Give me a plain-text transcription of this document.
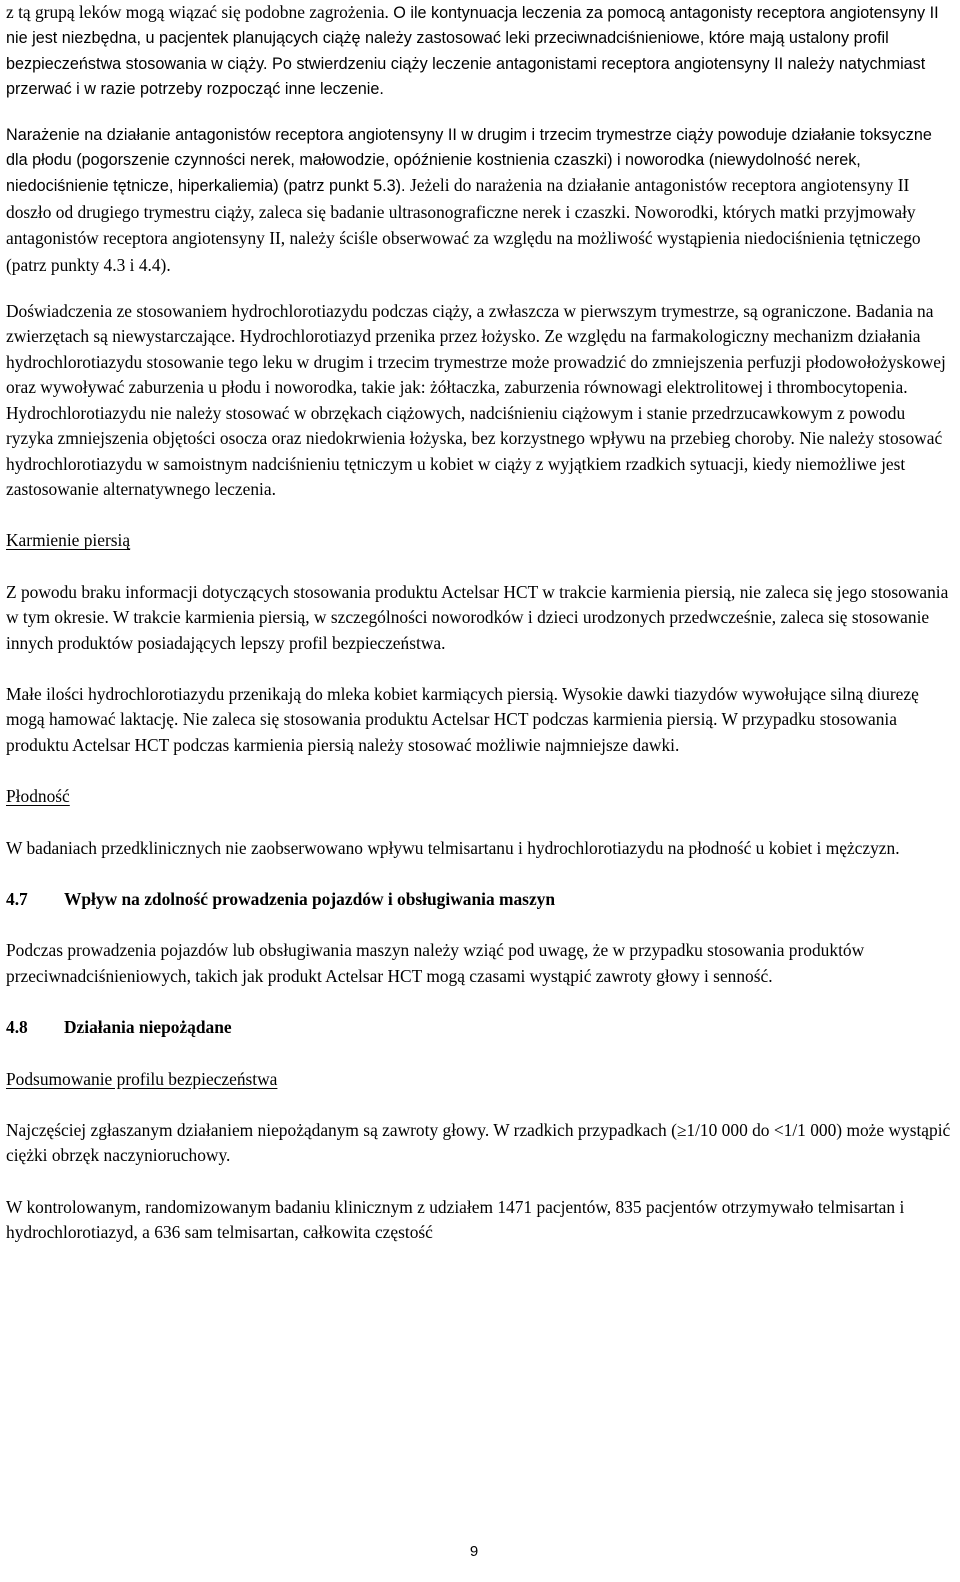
z tą grupą leków mogą wiązać się podobne zagrożenia. O ile kontynuacja leczenia za pomocą antagonisty receptora angiotensyny II nie jest niezbędna, u pacjentek planujących ciążę należy zastosować leki przeciwnadciśnieniowe, które mają ustalony profil bezpieczeństwa stosowania w ciąży. Po stwierdzeniu ciąży leczenie antagonistami receptora angiotensyny II należy natychmiast przerwać i w razie potrzeby rozpocząć inne leczenie.

Narażenie na działanie antagonistów receptora angiotensyny II w drugim i trzecim trymestrze ciąży powoduje działanie toksyczne dla płodu (pogorszenie czynności nerek, małowodzie, opóźnienie kostnienia czaszki) i noworodka (niewydolność nerek, niedociśnienie tętnicze, hiperkaliemia) (patrz punkt 5.3). Jeżeli do narażenia na działanie antagonistów receptora angiotensyny II doszło od drugiego trymestru ciąży, zaleca się badanie ultrasonograficzne nerek i czaszki. Noworodki, których matki przyjmowały antagonistów receptora angiotensyny II, należy ściśle obserwować za względu na możliwość wystąpienia niedociśnienia tętniczego (patrz punkty 4.3 i 4.4).

Doświadczenia ze stosowaniem hydrochlorotiazydu podczas ciąży, a zwłaszcza w pierwszym trymestrze, są ograniczone. Badania na zwierzętach są niewystarczające. Hydrochlorotiazyd przenika przez łożysko. Ze względu na farmakologiczny mechanizm działania hydrochlorotiazydu stosowanie tego leku w drugim i trzecim trymestrze może prowadzić do zmniejszenia perfuzji płodowołożyskowej oraz wywoływać zaburzenia u płodu i noworodka, takie jak: żółtaczka, zaburzenia równowagi elektrolitowej i thrombocytopenia. Hydrochlorotiazydu nie należy stosować w obrzękach ciążowych, nadciśnieniu ciążowym i stanie przedrzucawkowym z powodu ryzyka zmniejszenia objętości osocza oraz niedokrwienia łożyska, bez korzystnego wpływu na przebieg choroby. Nie należy stosować hydrochlorotiazydu w samoistnym nadciśnieniu tętniczym u kobiet w ciąży z wyjątkiem rzadkich sytuacji, kiedy niemożliwe jest zastosowanie alternatywnego leczenia.

Karmienie piersią

Z powodu braku informacji dotyczących stosowania produktu Actelsar HCT w trakcie karmienia piersią, nie zaleca się jego stosowania w tym okresie. W trakcie karmienia piersią, w szczególności noworodków i dzieci urodzonych przedwcześnie, zaleca się stosowanie innych produktów posiadających lepszy profil bezpieczeństwa.

Małe ilości hydrochlorotiazydu przenikają do mleka kobiet karmiących piersią. Wysokie dawki tiazydów wywołujące silną diurezę mogą hamować laktację. Nie zaleca się stosowania produktu Actelsar HCT podczas karmienia piersią. W przypadku stosowania produktu Actelsar HCT podczas karmienia piersią należy stosować możliwie najmniejsze dawki.

Płodność

W badaniach przedklinicznych nie zaobserwowano wpływu telmisartanu i hydrochlorotiazydu na płodność u kobiet i mężczyzn.

4.7	Wpływ na zdolność prowadzenia pojazdów i obsługiwania maszyn

Podczas prowadzenia pojazdów lub obsługiwania maszyn należy wziąć pod uwagę, że w przypadku stosowania produktów przeciwnadciśnieniowych, takich jak produkt Actelsar HCT mogą czasami wystąpić zawroty głowy i senność.

4.8	Działania niepożądane

Podsumowanie profilu bezpieczeństwa

Najczęściej zgłaszanym działaniem niepożądanym są zawroty głowy. W rzadkich przypadkach (≥1/10 000 do <1/1 000) może wystąpić ciężki obrzęk naczynioruchowy.

W kontrolowanym, randomizowanym badaniu klinicznym z udziałem 1471 pacjentów, 835 pacjentów otrzymywało telmisartan i hydrochlorotiazyd, a 636 sam telmisartan, całkowita częstość

9
